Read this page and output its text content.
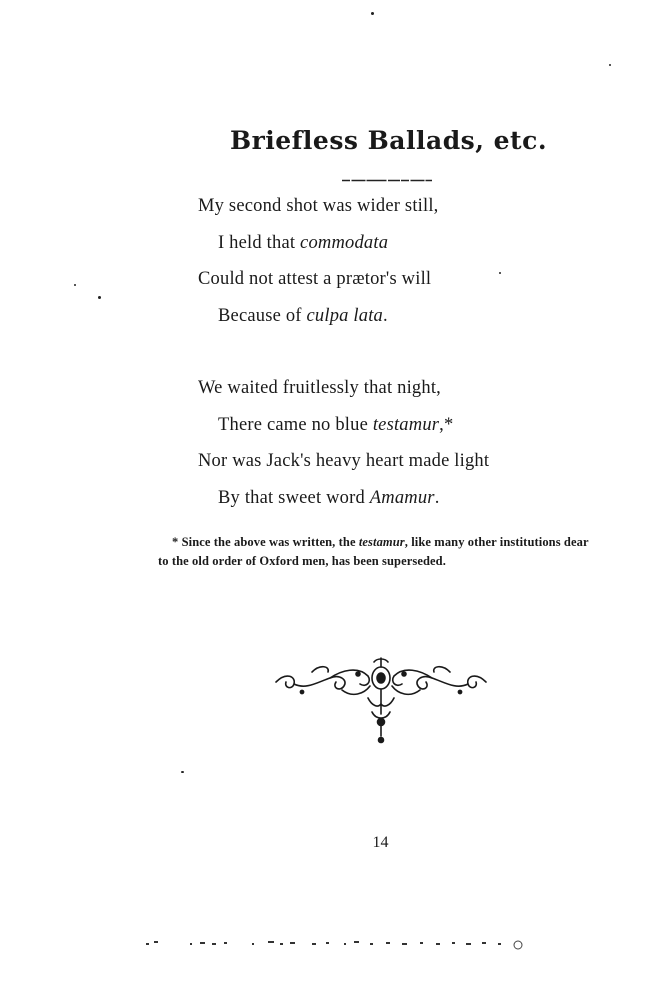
Briefless Ballads, etc.
My second shot was wider still,
I held that commodata
Could not attest a prætor's will
Because of culpa lata.
We waited fruitlessly that night,
There came no blue testamur,*
Nor was Jack's heavy heart made light
By that sweet word Amamur.
* Since the above was written, the testamur, like many other institutions dear to the old order of Oxford men, has been superseded.
14
